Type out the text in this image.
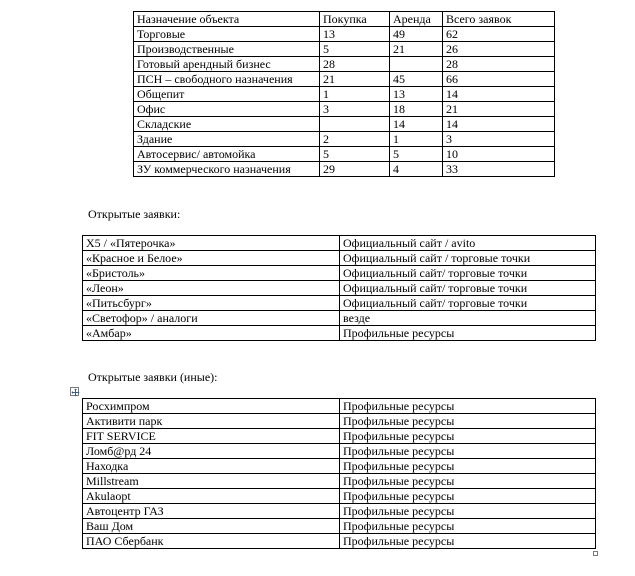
Назначение объекта	Покупка	Аренда	Всего заявок
Торговые	13	49	62
Производственные	5	21	26
Готовый арендный бизнес	28		28
ПСН – свободного назначения	21	45	66
Общепит	1	13	14
Офис	3	18	21
Складские		14	14
Здание	2	1	3
Автосервис/ автомойка	5	5	10
ЗУ коммерческого назначения	29	4	33
Открытые заявки:
Х5 / «Пятерочка»	Официальный сайт / avito
«Красное и Белое»	Официальный сайт / торговые точки
«Бристоль»	Официальный сайт/ торговые точки
«Леон»	Официальный сайт/ торговые точки
«Питьсбург»	Официальный сайт/ торговые точки
«Светофор» / аналоги	везде
«Амбар»	Профильные ресурсы
Открытые заявки (иные):
Росхимпром	Профильные ресурсы
Активити парк	Профильные ресурсы
FIT SERVICE	Профильные ресурсы
Ломб@рд 24	Профильные ресурсы
Находка	Профильные ресурсы
Millstream	Профильные ресурсы
Akulaopt	Профильные ресурсы
Автоцентр ГАЗ	Профильные ресурсы
Ваш Дом	Профильные ресурсы
ПАО Сбербанк	Профильные ресурсы
